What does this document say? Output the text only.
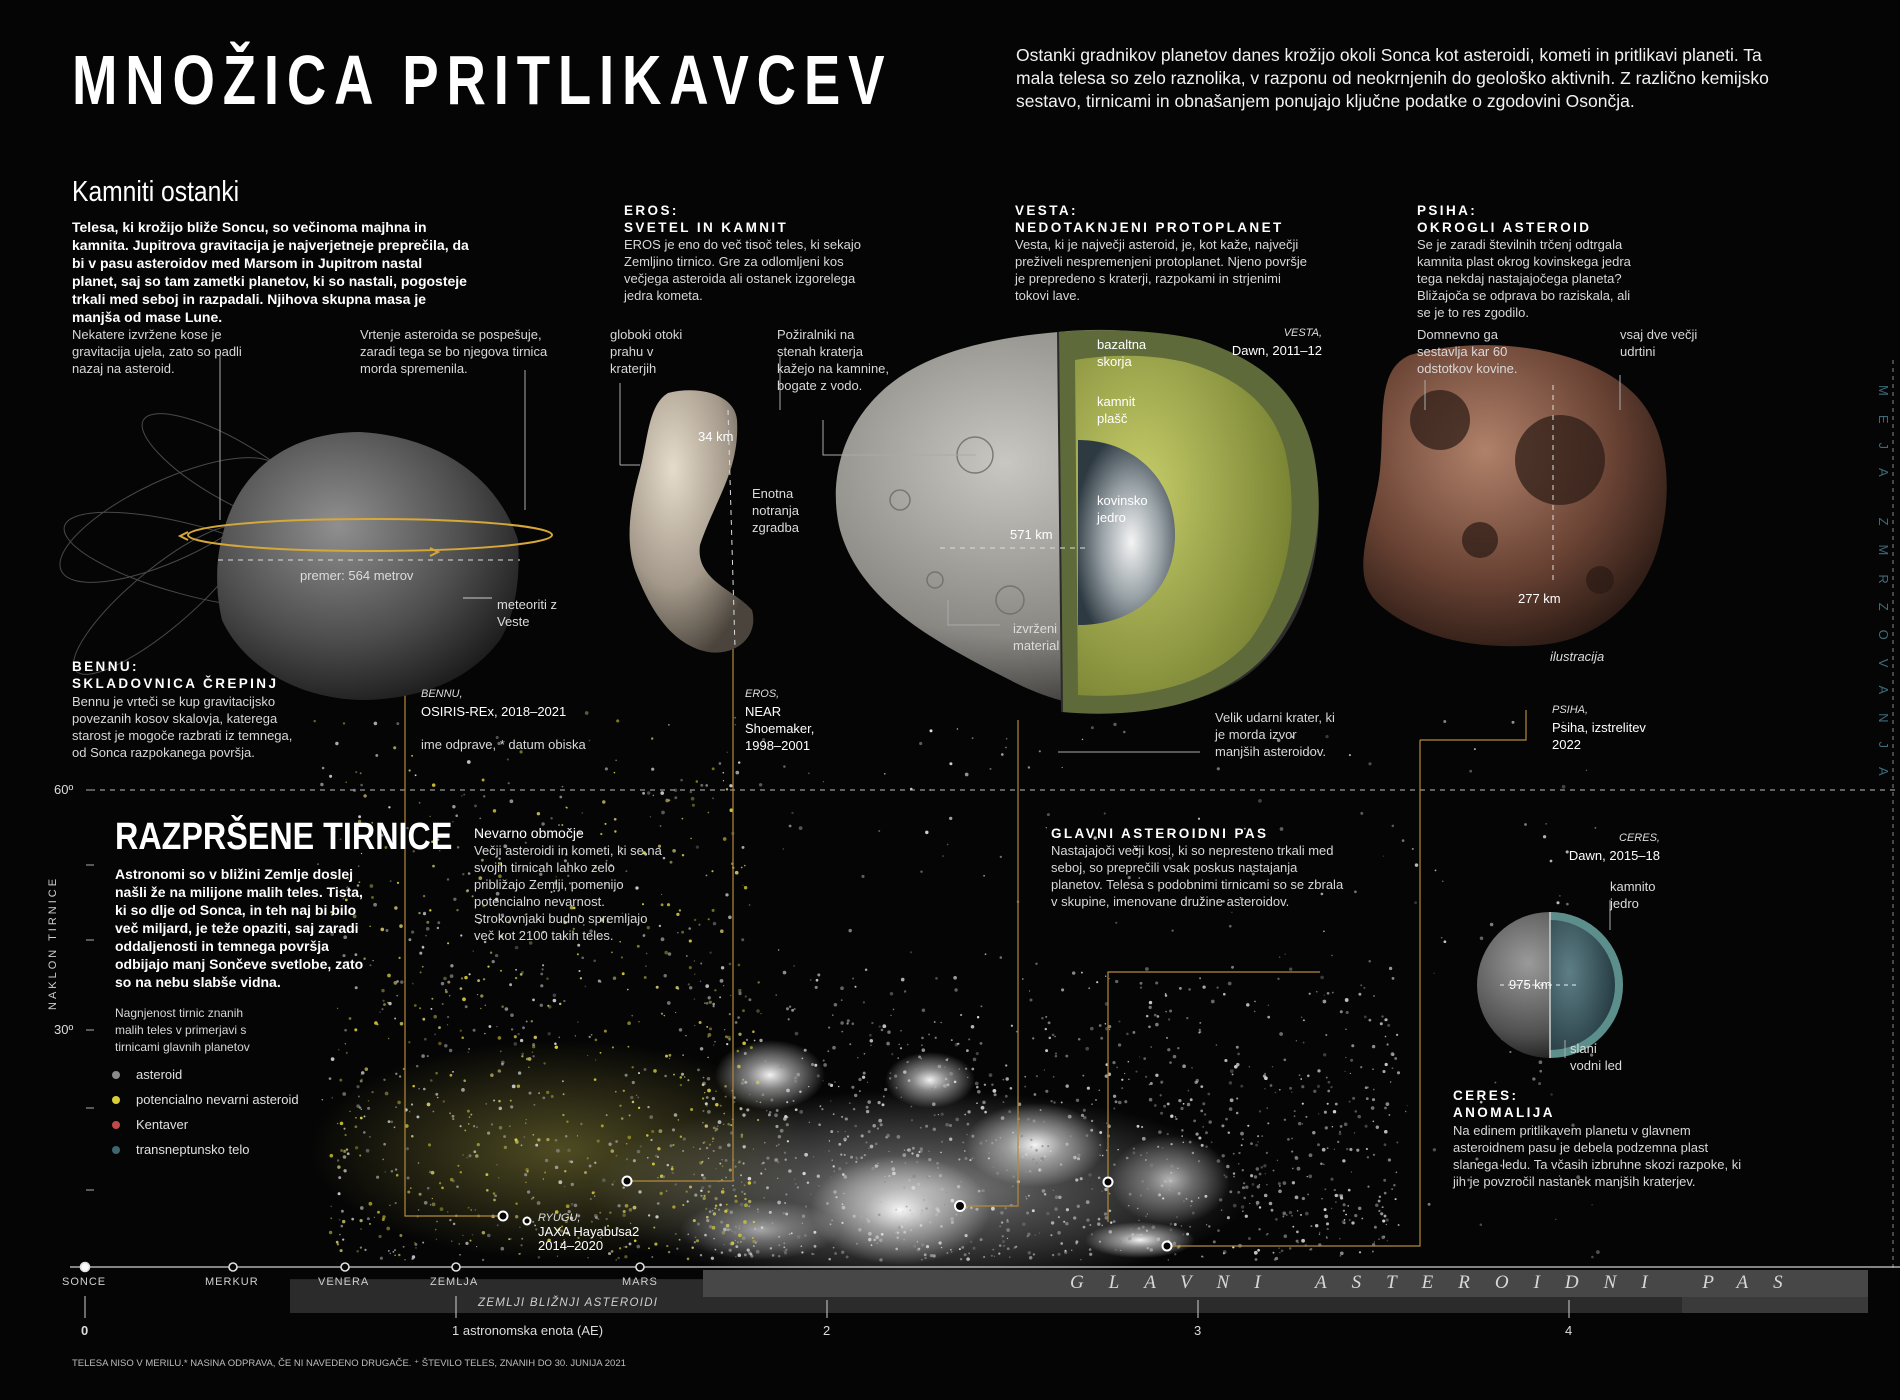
MNOŽICA PRITLIKAVCEV	Ostanki gradnikov planetov danes krožijo okoli Sonca kot asteroidi, kometi in pritlikavi planeti. Ta mala telesa so zelo raznolika, v razponu od neokrnjenih do geološko aktivnih. Z različno kemijsko sestavo, tirnicami in obnašanjem ponujajo ključne podatke o zgodovini Osončja.
Kamniti ostanki
Telesa, ki krožijo bliže Soncu, so večinoma majhna in kamnita. Jupitrova gravitacija je najverjetneje preprečila, da bi v pasu asteroidov med Marsom in Jupitrom nastal planet, saj so tam zametki planetov, ki so nastali, pogosteje trkali med seboj in razpadali. Njihova skupna masa je manjša od mase Lune.
Nekatere izvržene kose je gravitacija ujela, zato so padli nazaj na asteroid.
Vrtenje asteroida se pospešuje, zaradi tega se bo njegova tirnica morda spremenila.
premer: 564 metrov
meteoriti z Veste
BENNU:
SKLADOVNICA ČREPINJ
Bennu je vrteči se kup gravitacijsko povezanih kosov skalovja, katerega starost je mogoče razbrati iz temnega, od Sonca razpokanega površja.
BENNU,
OSIRIS-REx, 2018–2021
ime odprave, * datum obiska
EROS:
SVETEL IN KAMNIT
EROS je eno do več tisoč teles, ki sekajo Zemljino tirnico. Gre za odlomljeni kos večjega asteroida ali ostanek izgorelega jedra kometa.
globoki otoki prahu v kraterjih
Požiralniki na stenah kraterja kažejo na kamnine, bogate z vodo.
34 km
Enotna notranja zgradba
EROS,
NEAR Shoemaker, 1998–2001
VESTA:
NEDOTAKNJENI PROTOPLANET
Vesta, ki je največji asteroid, je, kot kaže, največji preživeli nespremenjeni protoplanet. Njeno površje je prepredeno s kraterji, razpokami in strjenimi tokovi lave.
VESTA,
Dawn, 2011–12
bazaltna skorja
kamnit plašč
kovinsko jedro
571 km
izvrženi material
Velik udarni krater, ki je morda izvor manjših asteroidov.
PSIHA:
OKROGLI ASTEROID
Se je zaradi številnih trčenj odtrgala kamnita plast okrog kovinskega jedra tega nekdaj nastajajočega planeta? Bližajoča se odprava bo raziskala, ali se je to res zgodilo.
Domnevno ga sestavlja kar 60 odstotkov kovine.
vsaj dve večji udrtini
277 km
ilustracija
PSIHA,
Psiha, izstrelitev 2022
NAKLON TIRNICE
60º
30º
RAZPRŠENE TIRNICE
Astronomi so v bližini Zemlje doslej našli že na milijone malih teles. Tista, ki so dlje od Sonca, in teh naj bi bilo več miljard, je teže opaziti, saj zaradi oddaljenosti in temnega površja odbijajo manj Sončeve svetlobe, zato so na nebu slabše vidna.
Nagnjenost tirnic znanih malih teles v primerjavi s tirnicami glavnih planetov
asteroid
potencialno nevarni asteroid
Kentaver
transneptunsko telo
Nevarno območje
Večji asteroidi in kometi, ki se na svojih tirnicah lahko zelo približajo Zemlji, pomenijo potencialno nevarnost. Strokovnjaki budno spremljajo več kot 2100 takih teles.
GLAVNI ASTEROIDNI PAS
Nastajajoči večji kosi, ki so nepresteno trkali med seboj, so preprečili vsak poskus nastajanja planetov. Telesa s podobnimi tirnicami so se zbrala v skupine, imenovane družine asteroidov.
RYUGU,
JAXA Hayabusa2 2014–2020
CERES,
Dawn, 2015–18
kamnito jedro
975 km
slani vodni led
CERES:
ANOMALIJA
Na edinem pritlikavem planetu v glavnem asteroidnem pasu je debela podzemna plast slanega ledu. Ta včasih izbruhne skozi razpoke, ki jih je povzročil nastanek manjših kraterjev.
MEJA ZMRZOVANJA
SONCE	MERKUR	VENERA	ZEMLJA	MARS	GLAVNI ASTEROIDNI PAS
ZEMLJI BLIŽNJI ASTEROIDI
0	1 astronomska enota (AE)	2	3	4
TELESA NISO V MERILU.* NASINA ODPRAVA, ČE NI NAVEDENO DRUGAČE. ⁺ ŠTEVILO TELES, ZNANIH DO 30. JUNIJA 2021
